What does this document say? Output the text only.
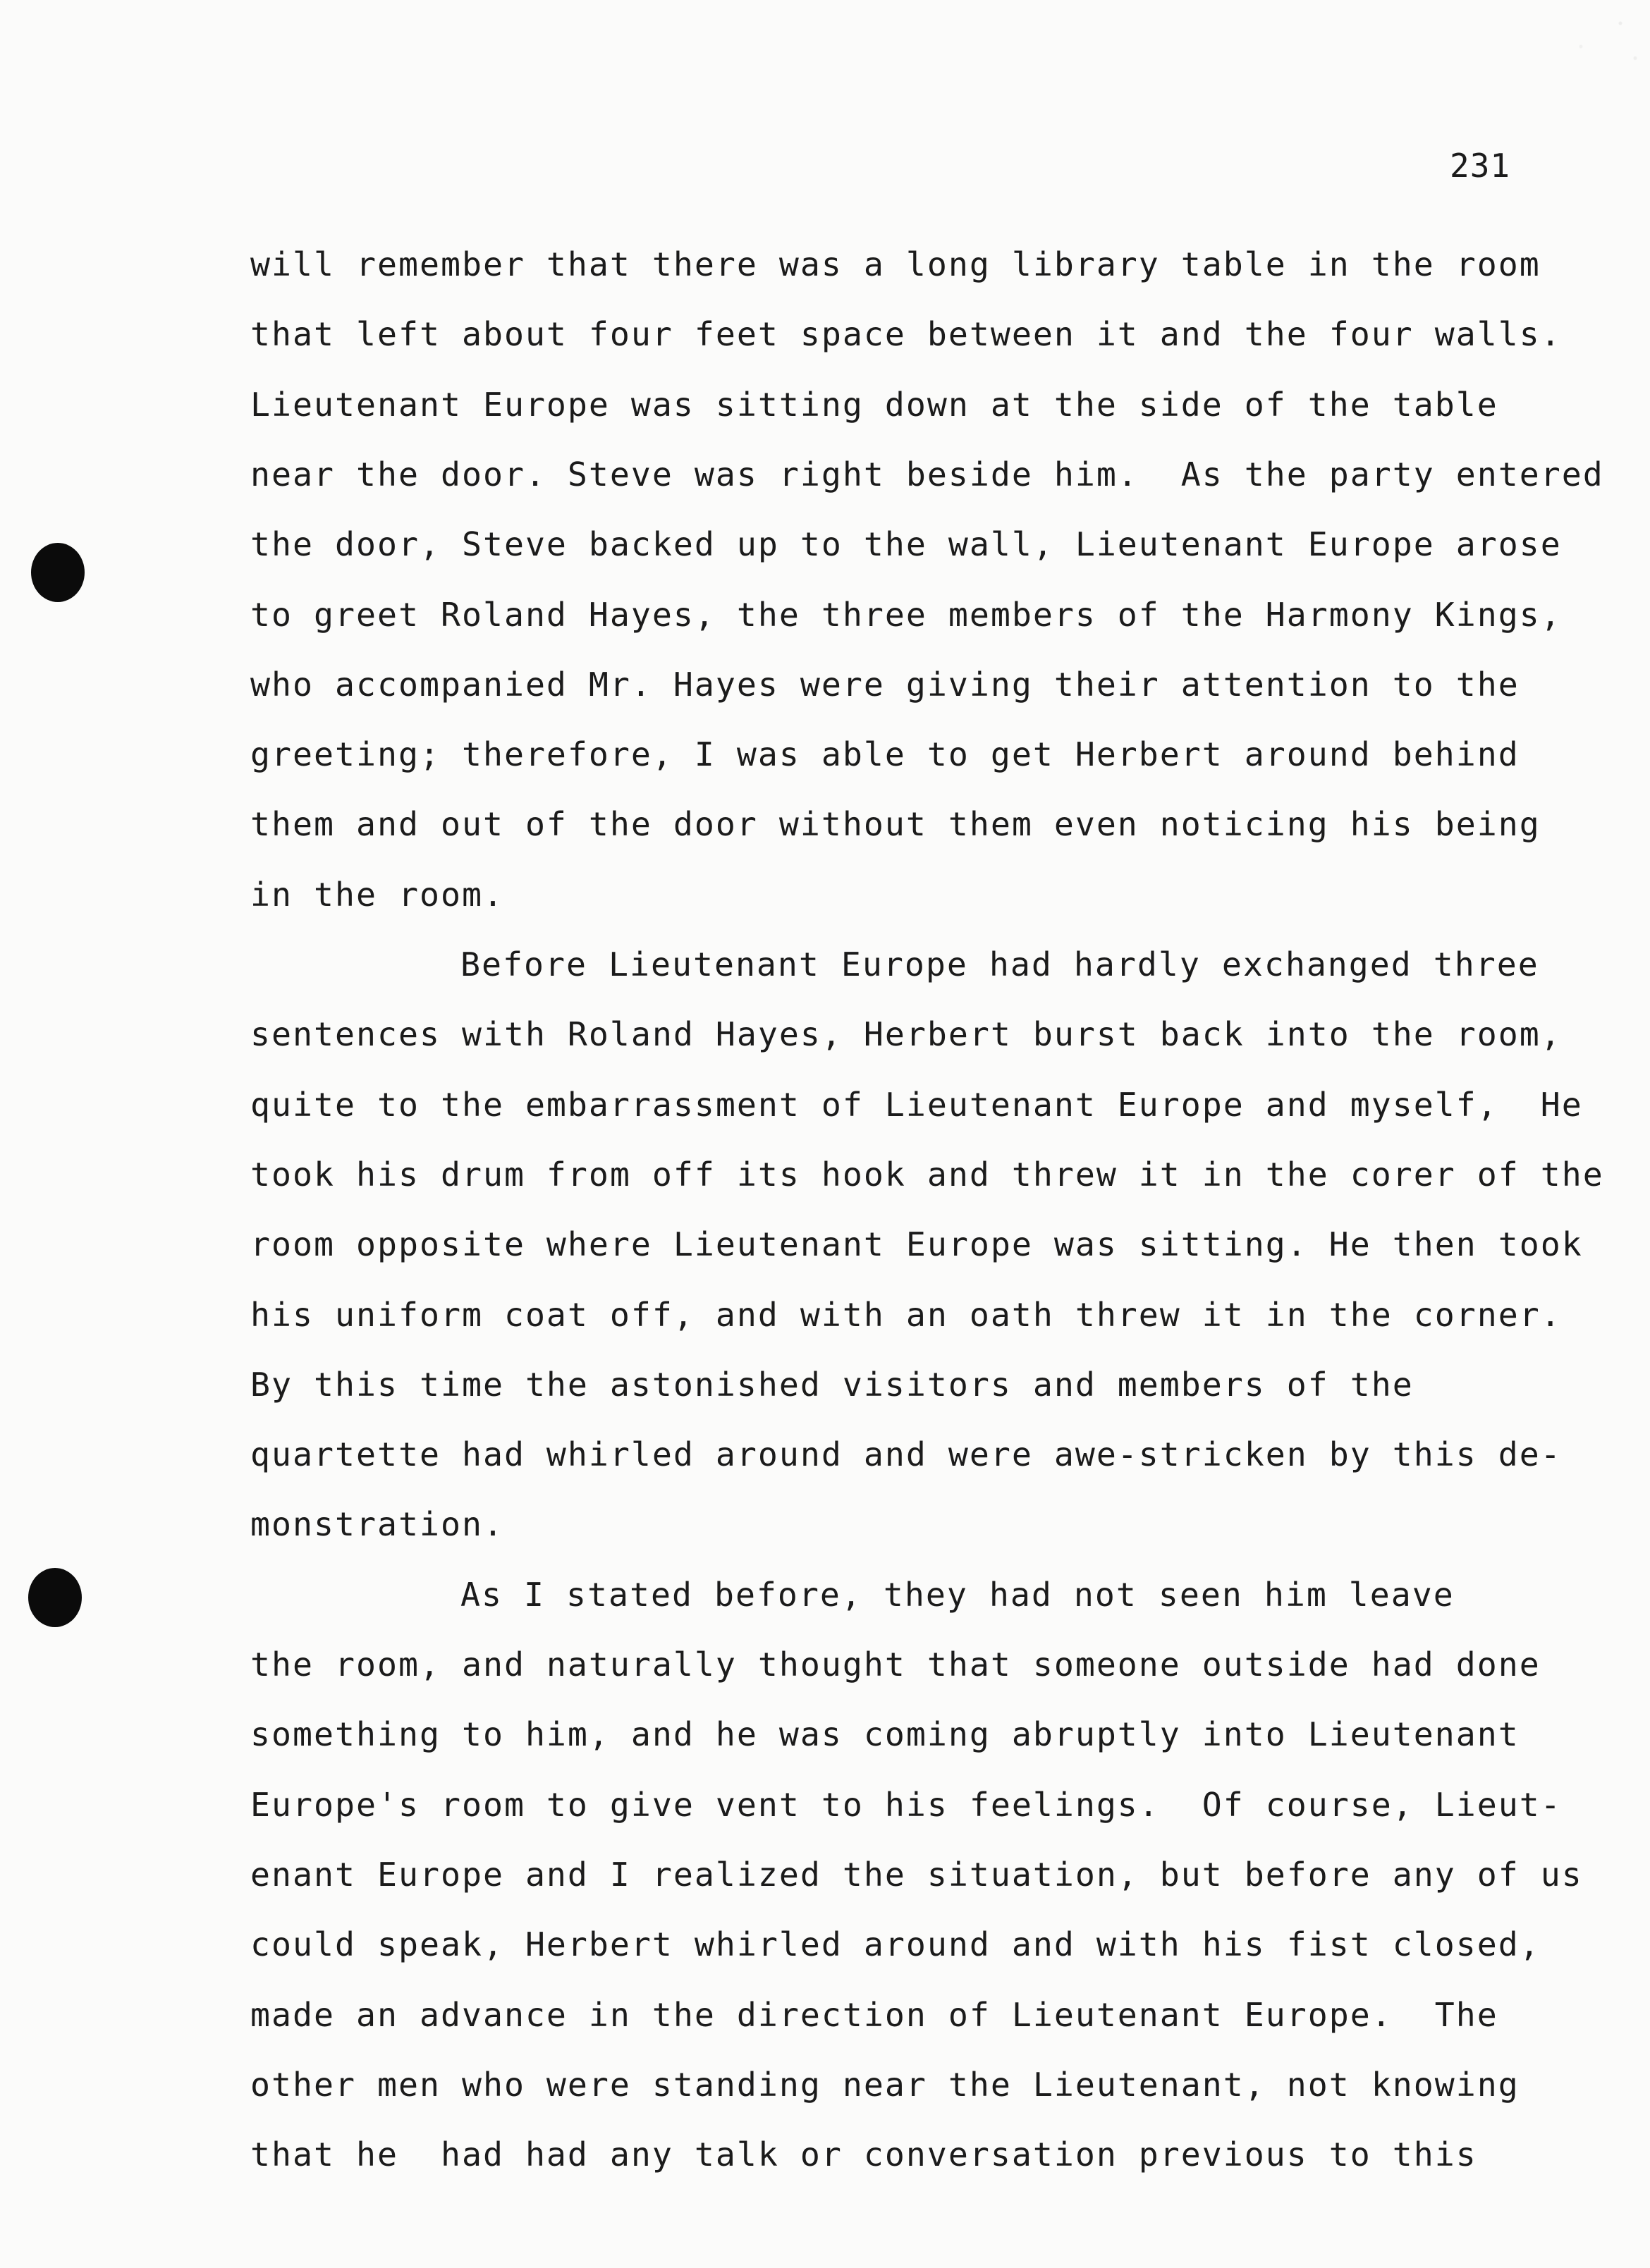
231
will remember that there was a long library table in the room
that left about four feet space between it and the four walls.
Lieutenant Europe was sitting down at the side of the table
near the door. Steve was right beside him.  As the party entered
the door, Steve backed up to the wall, Lieutenant Europe arose
to greet Roland Hayes, the three members of the Harmony Kings,
who accompanied Mr. Hayes were giving their attention to the
greeting; therefore, I was able to get Herbert around behind
them and out of the door without them even noticing his being
in the room.
Before Lieutenant Europe had hardly exchanged three
sentences with Roland Hayes, Herbert burst back into the room,
quite to the embarrassment of Lieutenant Europe and myself,  He
took his drum from off its hook and threw it in the corer of the
room opposite where Lieutenant Europe was sitting. He then took
his uniform coat off, and with an oath threw it in the corner.
By this time the astonished visitors and members of the
quartette had whirled around and were awe-stricken by this de-
monstration.
As I stated before, they had not seen him leave
the room, and naturally thought that someone outside had done
something to him, and he was coming abruptly into Lieutenant
Europe's room to give vent to his feelings.  Of course, Lieut-
enant Europe and I realized the situation, but before any of us
could speak, Herbert whirled around and with his fist closed,
made an advance in the direction of Lieutenant Europe.  The
other men who were standing near the Lieutenant, not knowing
that he  had had any talk or conversation previous to this
